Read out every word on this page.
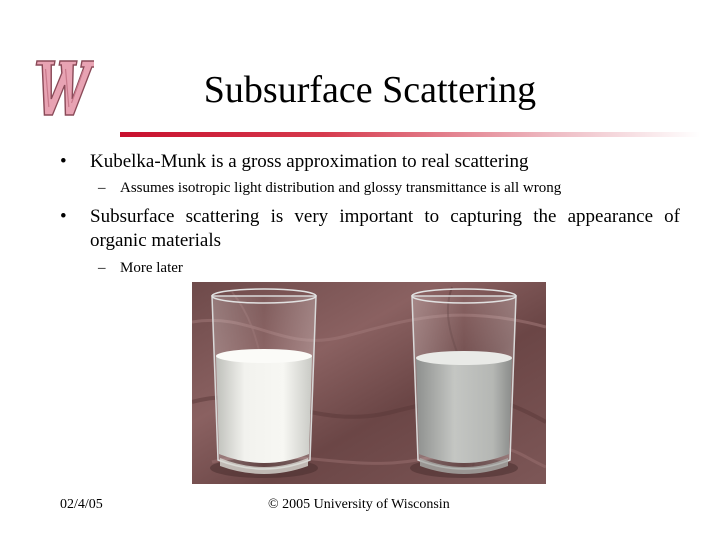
Subsurface Scattering
• Kubelka-Munk is a gross approximation to real scattering
– Assumes isotropic light distribution and glossy transmittance is all wrong
• Subsurface scattering is very important to capturing the appearance of organic materials
– More later
02/4/05	© 2005 University of Wisconsin
